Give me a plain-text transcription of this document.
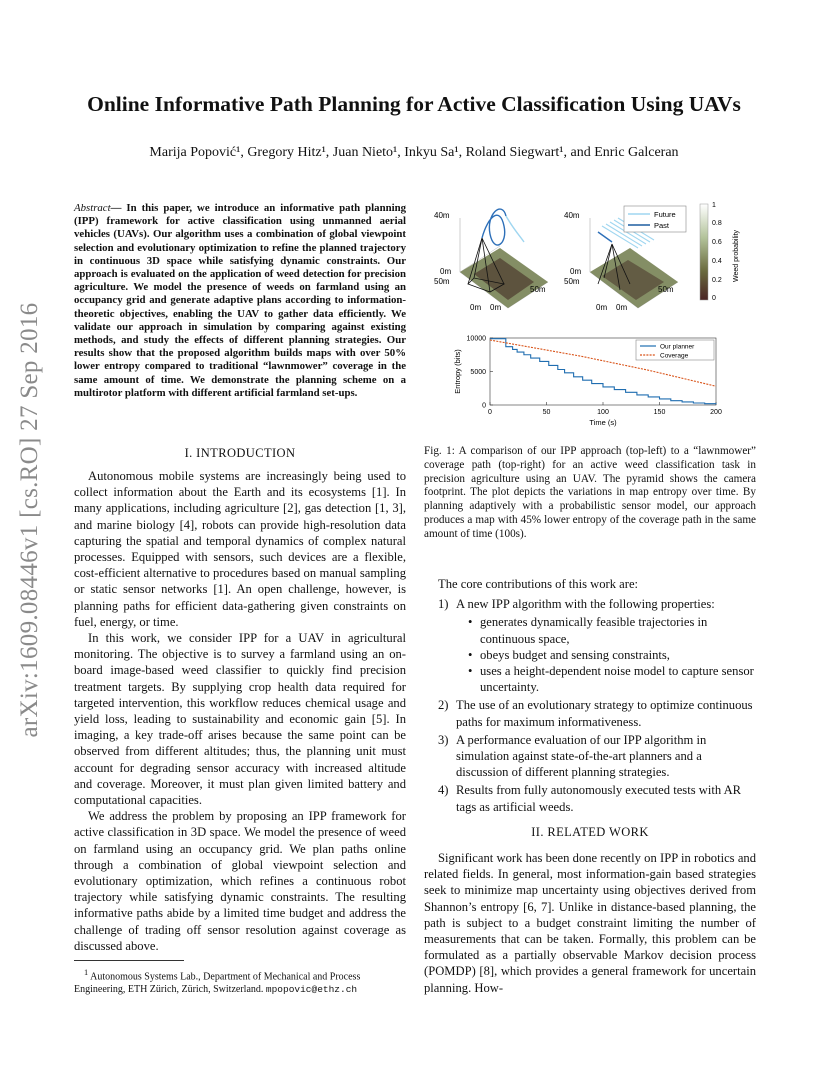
Online Informative Path Planning for Active Classification Using UAVs
Marija Popović¹, Gregory Hitz¹, Juan Nieto¹, Inkyu Sa¹, Roland Siegwart¹, and Enric Galceran
arXiv:1609.08446v1 [cs.RO] 27 Sep 2016
Abstract— In this paper, we introduce an informative path planning (IPP) framework for active classification using unmanned aerial vehicles (UAVs). Our algorithm uses a combination of global viewpoint selection and evolutionary optimization to refine the planned trajectory in continuous 3D space while satisfying dynamic constraints. Our approach is evaluated on the application of weed detection for precision agriculture. We model the presence of weeds on farmland using an occupancy grid and generate adaptive plans according to information-theoretic objectives, enabling the UAV to gather data efficiently. We validate our approach in simulation by comparing against existing methods, and study the effects of different planning strategies. Our results show that the proposed algorithm builds maps with over 50% lower entropy compared to traditional “lawnmower” coverage in the same amount of time. We demonstrate the planning scheme on a multirotor platform with different artificial farmland set-ups.
I. INTRODUCTION

Autonomous mobile systems are increasingly being used to collect information about the Earth and its ecosystems [1]. In many applications, including agriculture [2], gas detection [1, 3], and marine biology [4], robots can provide high-resolution data capturing the spatial and temporal dynamics of complex natural processes. Equipped with sensors, such devices are a flexible, cost-efficient alternative to procedures based on manual sampling or static sensor networks [1]. An open challenge, however, is planning paths for efficient data-gathering given constraints on fuel, energy, or time.

In this work, we consider IPP for a UAV in agricultural monitoring. The objective is to survey a farmland using an on-board image-based weed classifier to quickly find precision treatment targets. By supplying crop health data required for targeted intervention, this workflow reduces chemical usage and yield loss, leading to sustainability and economic gain [5]. In imaging, a key trade-off arises because the same point can be observed from different altitudes; thus, the planning unit must account for degrading sensor accuracy with increased altitude and coverage. Moreover, it must plan given limited battery and computational capacities.

We address the problem by proposing an IPP framework for active classification in 3D space. We model the presence of weed on farmland using an occupancy grid. We plan paths online through a combination of global viewpoint selection and evolutionary optimization, which refines a continuous robot trajectory while satisfying dynamic constraints. The resulting informative paths abide by a limited time budget and address the challenge of trading off sensor resolution against coverage as discussed above.

$^1$ Autonomous Systems Lab., Department of Mechanical and Process Engineering, ETH Zürich, Zürich, Switzerland. mpopovic@ethz.ch
40m
0m
50m
0m 0m
50m
40m
0m
50m
0m 0m
50m
Future
Past
1
0.8
0.6
0.4
0.2
0
Weed probability
0	50	100	150	200
0
5000
10000
Time (s)
Entropy (bits)
Our planner
Coverage
Fig. 1: A comparison of our IPP approach (top-left) to a “lawnmower” coverage path (top-right) for an active weed classification task in precision agriculture using an UAV. The pyramid shows the camera footprint. The plot depicts the variations in map entropy over time. By planning adaptively with a probabilistic sensor model, our approach produces a map with 45% lower entropy of the coverage path in the same amount of time (100s).
The core contributions of this work are:
1) A new IPP algorithm with the following properties:
• generates dynamically feasible trajectories in continuous space,
• obeys budget and sensing constraints,
• uses a height-dependent noise model to capture sensor uncertainty.
2) The use of an evolutionary strategy to optimize continuous paths for maximum informativeness.
3) A performance evaluation of our IPP algorithm in simulation against state-of-the-art planners and a discussion of different planning strategies.
4) Results from fully autonomously executed tests with AR tags as artificial weeds.
II. RELATED WORK

Significant work has been done recently on IPP in robotics and related fields. In general, most information-gain based strategies seek to minimize map uncertainty using objectives derived from Shannon’s entropy [6, 7]. Unlike in distance-based planning, the path is subject to a budget constraint limiting the number of measurements that can be taken. Formally, this problem can be formulated as a partially observable Markov decision process (POMDP) [8], which provides a general framework for uncertain planning. How-
